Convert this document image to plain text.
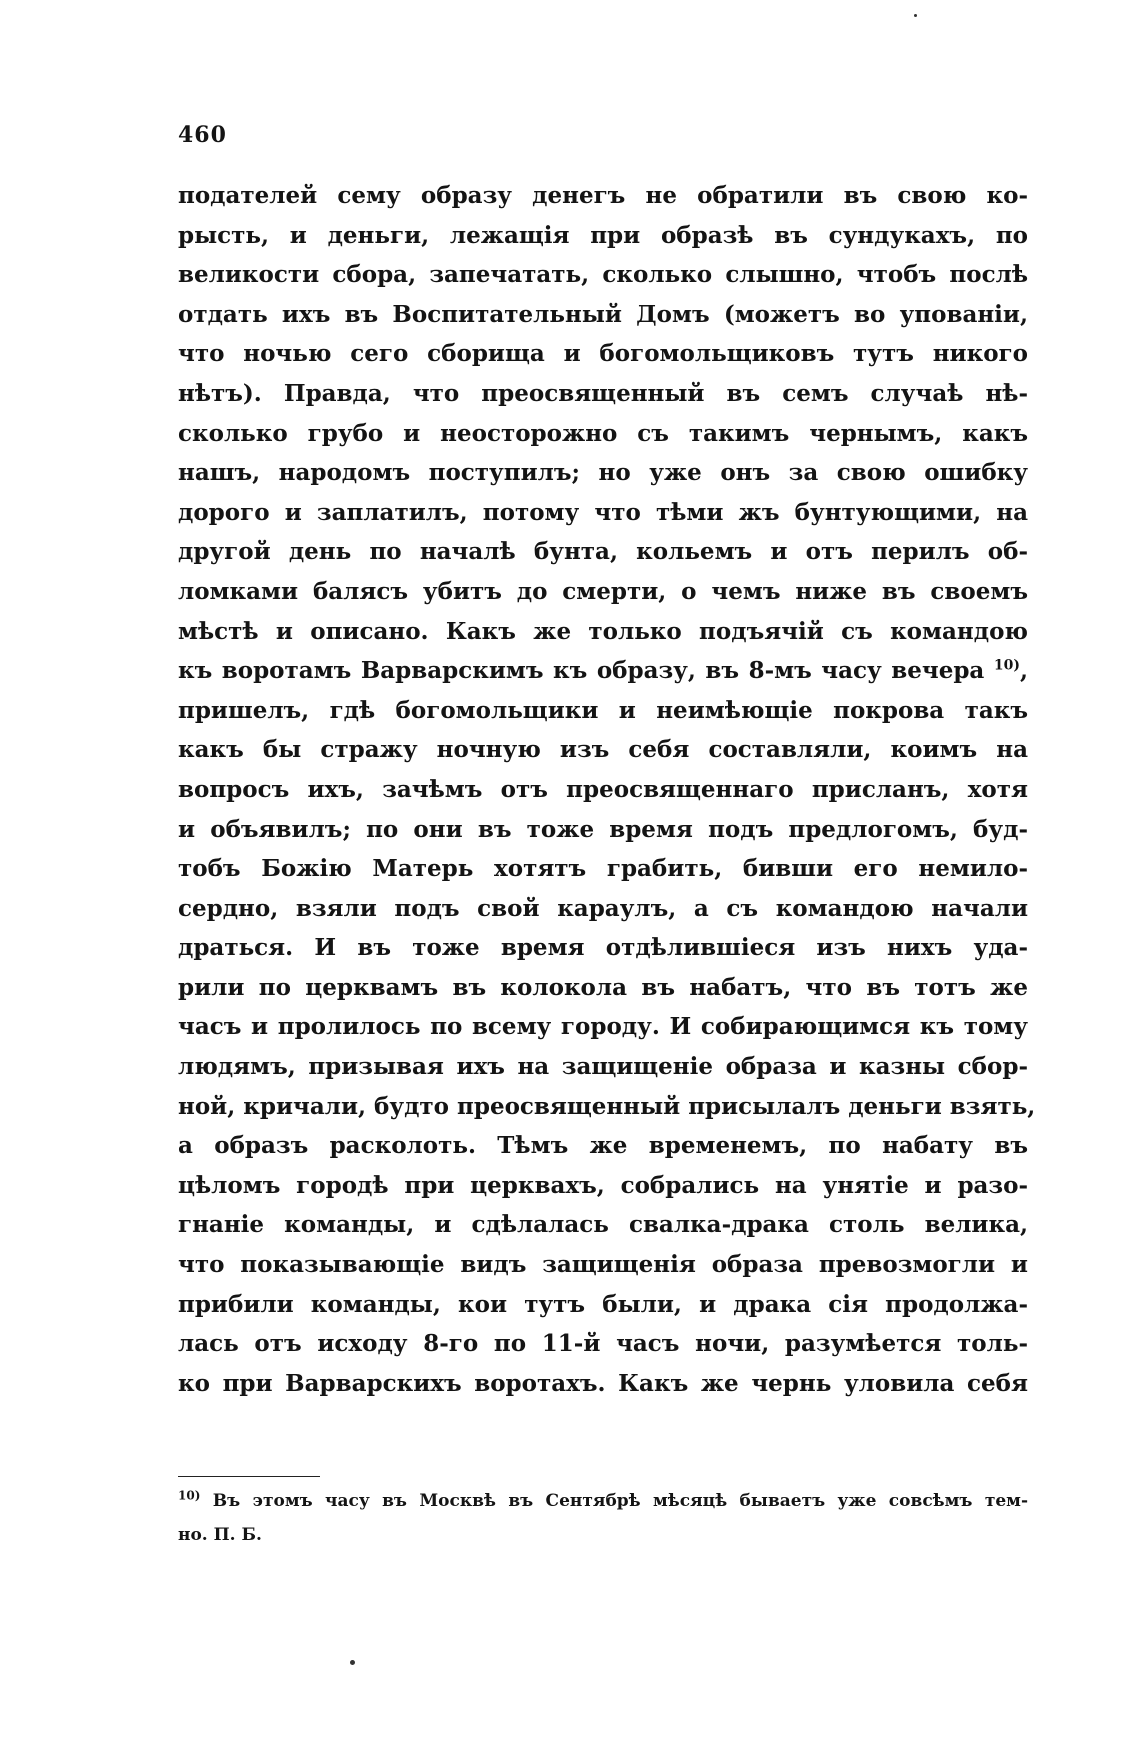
460
подателей сему образу денегъ не обратили въ свою ко-
рысть, и деньги, лежащія при образѣ въ сундукахъ, по
великости сбора, запечатать, сколько слышно, чтобъ послѣ
отдать ихъ въ Воспитательный Домъ (можетъ во упованіи,
что ночью сего сборища и богомольщиковъ тутъ никого
нѣтъ). Правда, что преосвященный въ семъ случаѣ нѣ-
сколько грубо и неосторожно съ такимъ чернымъ, какъ
нашъ, народомъ поступилъ; но уже онъ за свою ошибку
дорого и заплатилъ, потому что тѣми жъ бунтующими, на
другой день по началѣ бунта, кольемъ и отъ перилъ об-
ломками балясъ убитъ до смерти, о чемъ ниже въ своемъ
мѣстѣ и описано. Какъ же только подъячій съ командою
къ воротамъ Варварскимъ къ образу, въ 8-мъ часу вечера $^{10)}$,
пришелъ, гдѣ богомольщики и неимѣющіе покрова такъ
какъ бы стражу ночную изъ себя составляли, коимъ на
вопросъ ихъ, зачѣмъ отъ преосвященнаго присланъ, хотя
и объявилъ; по они въ тоже время подъ предлогомъ, буд-
тобъ Божію Матерь хотятъ грабить, бивши его немило-
сердно, взяли подъ свой караулъ, а съ командою начали
драться. И въ тоже время отдѣлившіеся изъ нихъ уда-
рили по церквамъ въ колокола въ набатъ, что въ тотъ же
часъ и пролилось по всему городу. И собирающимся къ тому
людямъ, призывая ихъ на защищеніе образа и казны сбор-
ной, кричали, будто преосвященный присылалъ деньги взять,
а образъ расколоть. Тѣмъ же временемъ, по набату въ
цѣломъ городѣ при церквахъ, собрались на унятіе и разо-
гнаніе команды, и сдѣлалась свалка-драка столь велика,
что показывающіе видъ защищенія образа превозмогли и
прибили команды, кои тутъ были, и драка сія продолжа-
лась отъ исходу 8-го по 11-й часъ ночи, разумѣется толь-
ко при Варварскихъ воротахъ. Какъ же чернь уловила себя
$^{10)}$ Въ этомъ часу въ Москвѣ въ Сентябрѣ мѣсяцѣ бываетъ уже совсѣмъ тем-
но. П. Б.
